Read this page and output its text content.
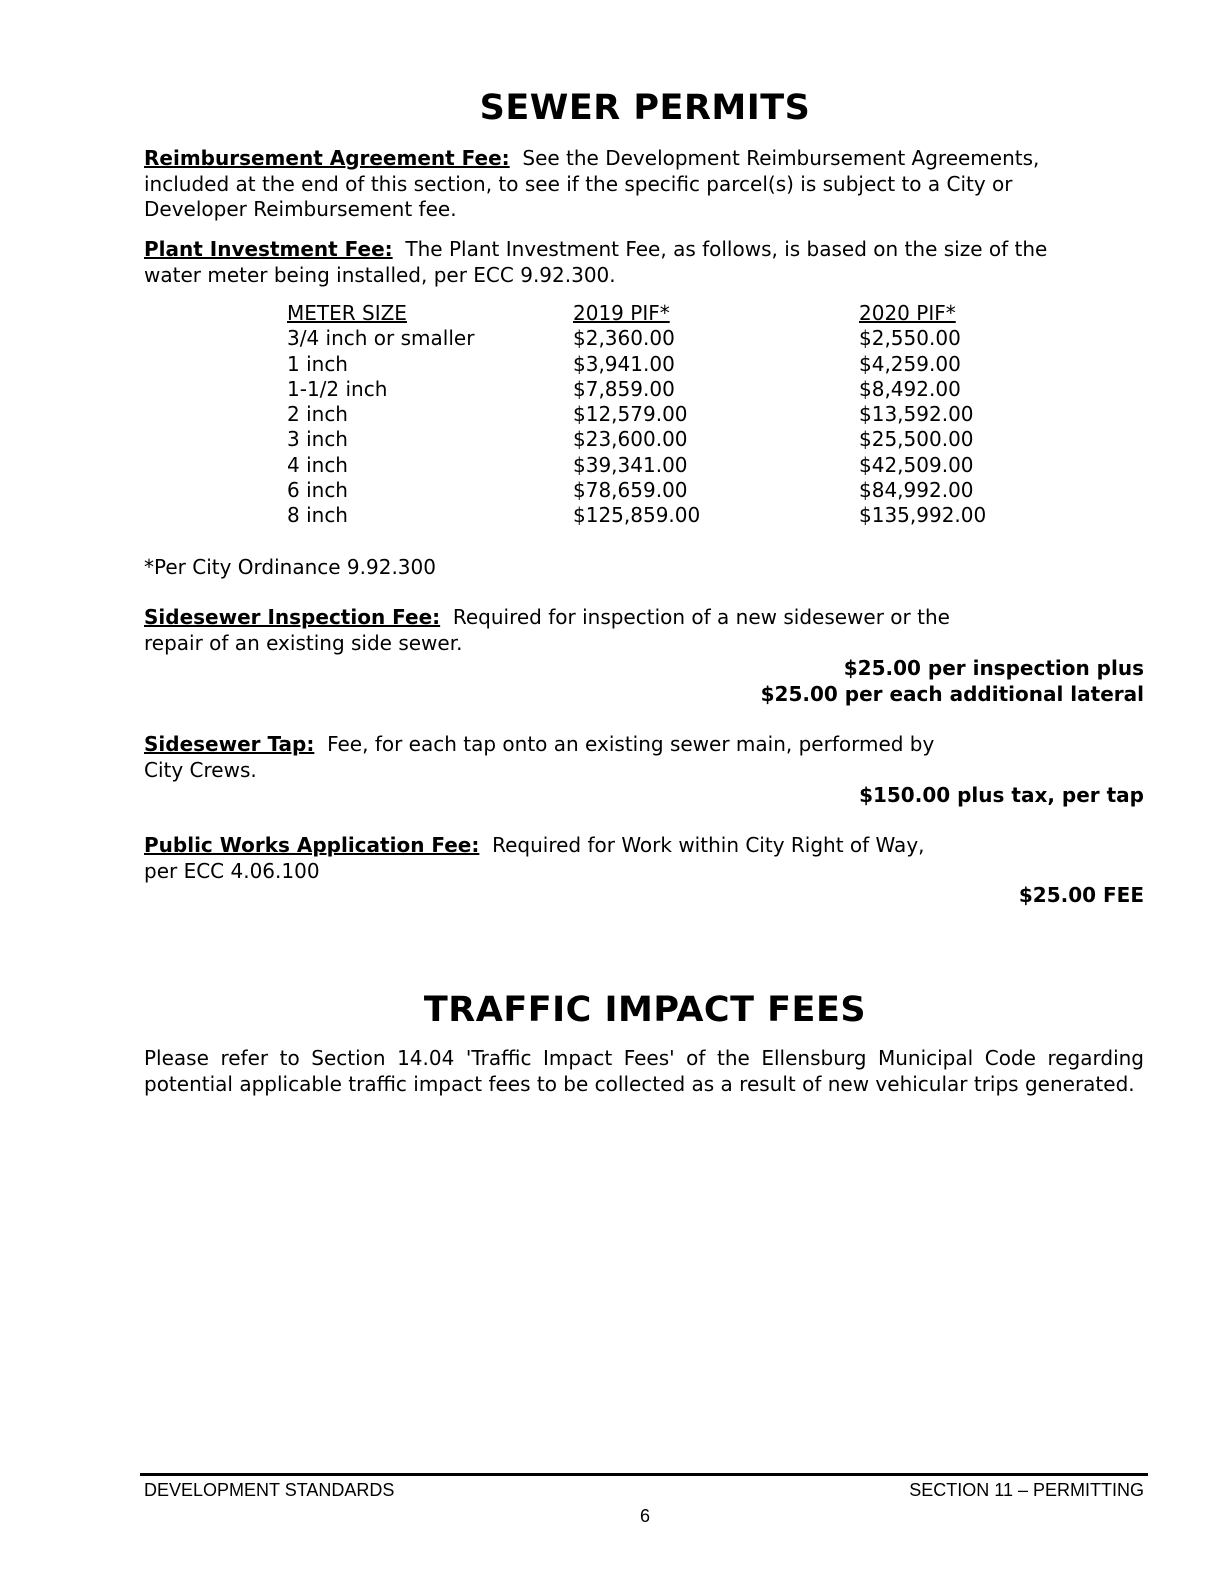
SEWER PERMITS
Reimbursement Agreement Fee: See the Development Reimbursement Agreements,
included at the end of this section, to see if the specific parcel(s) is subject to a City or
Developer Reimbursement fee.
Plant Investment Fee: The Plant Investment Fee, as follows, is based on the size of the
water meter being installed, per ECC 9.92.300.
METER SIZE
3/4 inch or smaller
1 inch
1-1/2 inch
2 inch
3 inch
4 inch
6 inch
8 inch
2019 PIF*
$2,360.00
$3,941.00
$7,859.00
$12,579.00
$23,600.00
$39,341.00
$78,659.00
$125,859.00
2020 PIF*
$2,550.00
$4,259.00
$8,492.00
$13,592.00
$25,500.00
$42,509.00
$84,992.00
$135,992.00
*Per City Ordinance 9.92.300
Sidesewer Inspection Fee: Required for inspection of a new sidesewer or the
repair of an existing side sewer.
$25.00 per inspection plus
$25.00 per each additional lateral
Sidesewer Tap: Fee, for each tap onto an existing sewer main, performed by
City Crews.
$150.00 plus tax, per tap
Public Works Application Fee: Required for Work within City Right of Way,
per ECC 4.06.100
$25.00 FEE
TRAFFIC IMPACT FEES
Please refer to Section 14.04 'Traffic Impact Fees' of the Ellensburg Municipal Code regarding potential applicable traffic impact fees to be collected as a result of new vehicular trips generated.
DEVELOPMENT STANDARDS	SECTION 11 – PERMITTING
6
